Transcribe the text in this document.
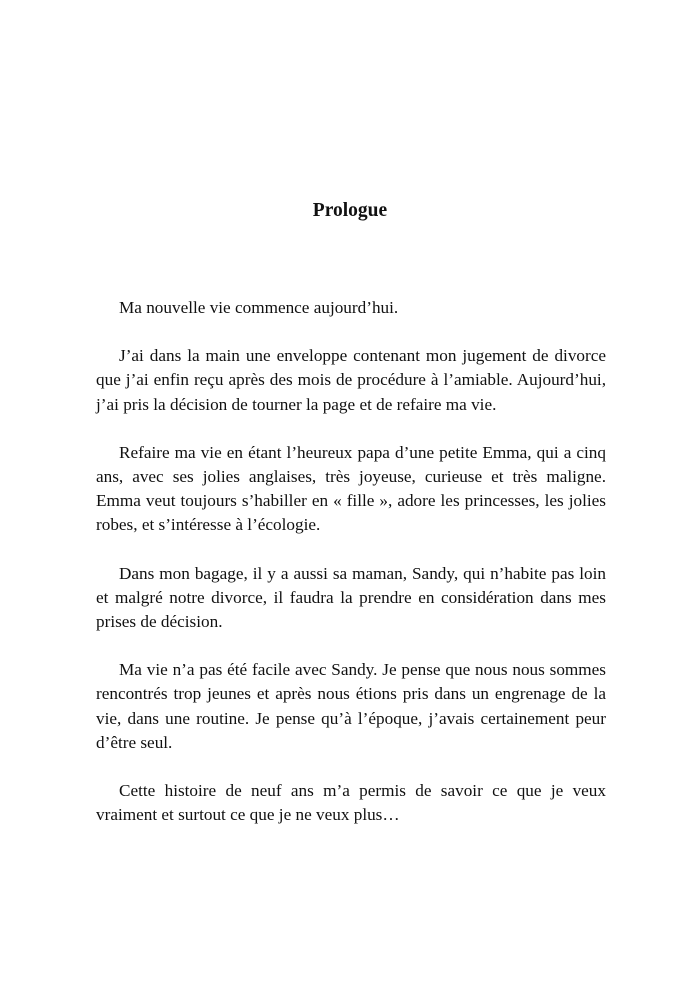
Prologue

Ma nouvelle vie commence aujourd’hui.

J’ai dans la main une enveloppe contenant mon jugement de divorce que j’ai enfin reçu après des mois de procédure à l’amiable. Aujourd’hui, j’ai pris la décision de tourner la page et de refaire ma vie.

Refaire ma vie en étant l’heureux papa d’une petite Emma, qui a cinq ans, avec ses jolies anglaises, très joyeuse, curieuse et très maligne. Emma veut toujours s’habiller en « fille », adore les princesses, les jolies robes, et s’intéresse à l’écologie.

Dans mon bagage, il y a aussi sa maman, Sandy, qui n’habite pas loin et malgré notre divorce, il faudra la prendre en considération dans mes prises de décision.

Ma vie n’a pas été facile avec Sandy. Je pense que nous nous sommes rencontrés trop jeunes et après nous étions pris dans un engrenage de la vie, dans une routine. Je pense qu’à l’époque, j’avais certainement peur d’être seul.

Cette histoire de neuf ans m’a permis de savoir ce que je veux vraiment et surtout ce que je ne veux plus…
